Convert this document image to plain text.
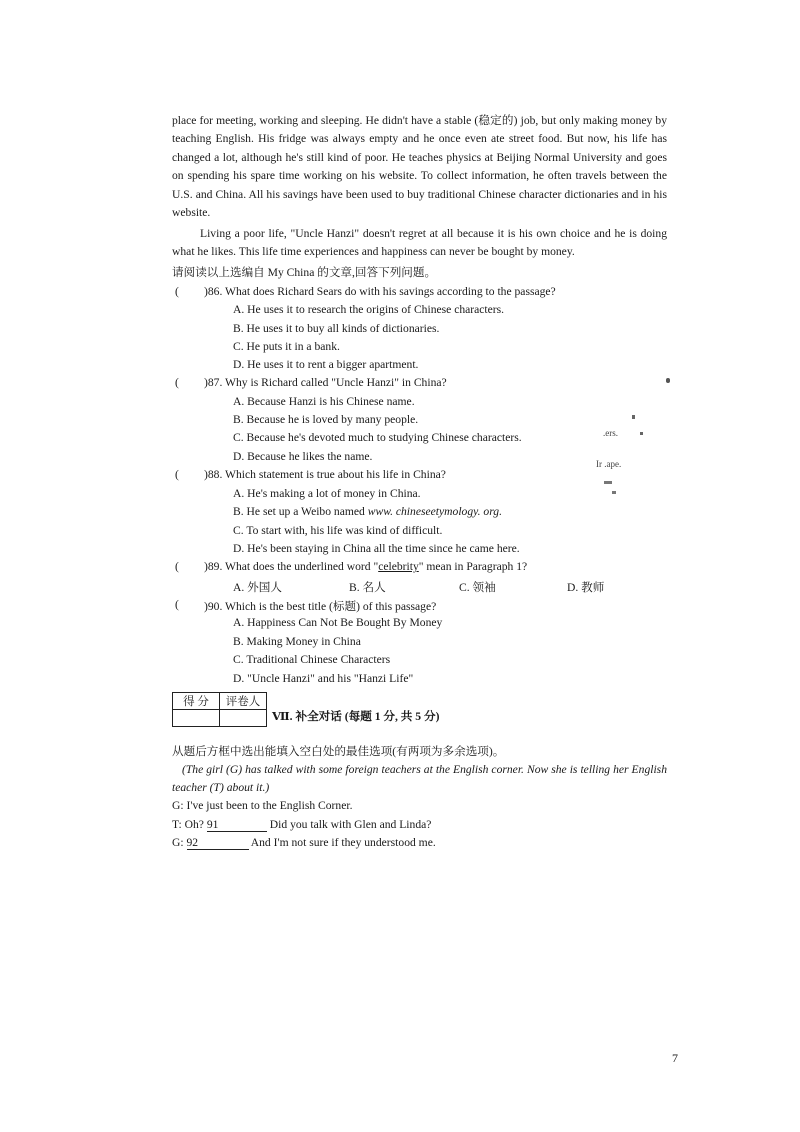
place for meeting, working and sleeping. He didn't have a stable (稳定的) job, but only making money by teaching English. His fridge was always empty and he once even ate street food. But now, his life has changed a lot, although he's still kind of poor. He teaches physics at Beijing Normal University and goes on spending his spare time working on his website. To collect information, he often travels between the U.S. and China. All his savings have been used to buy traditional Chinese character dictionaries and in his website.
Living a poor life, "Uncle Hanzi" doesn't regret at all because it is his own choice and he is doing what he likes. This life time experiences and happiness can never be bought by money.
请阅读以上选编自 My China 的文章,回答下列问题。
( )86. What does Richard Sears do with his savings according to the passage?
A. He uses it to research the origins of Chinese characters.
B. He uses it to buy all kinds of dictionaries.
C. He puts it in a bank.
D. He uses it to rent a bigger apartment.
( )87. Why is Richard called "Uncle Hanzi" in China?
A. Because Hanzi is his Chinese name.
B. Because he is loved by many people.
C. Because he's devoted much to studying Chinese characters.
D. Because he likes the name.
( )88. Which statement is true about his life in China?
A. He's making a lot of money in China.
B. He set up a Weibo named www. chineseetymology. org.
C. To start with, his life was kind of difficult.
D. He's been staying in China all the time since he came here.
( )89. What does the underlined word "celebrity" mean in Paragraph 1?
A. 外国人	B. 名人	C. 领袖	D. 教师
( )90. Which is the best title (标题) of this passage?
A. Happiness Can Not Be Bought By Money
B. Making Money in China
C. Traditional Chinese Characters
D. "Uncle Hanzi" and his "Hanzi Life"
得 分	评卷人

Ⅶ. 补全对话 (每题 1 分, 共 5 分)
从题后方框中选出能填入空白处的最佳选项(有两项为多余选项)。
(The girl (G) has talked with some foreign teachers at the English corner. Now she is telling her English teacher (T) about it.)
G: I've just been to the English Corner.
T: Oh? 91	Did you talk with Glen and Linda?
G: 92	And I'm not sure if they understood me.
.ers.
Ir .ape.
7
